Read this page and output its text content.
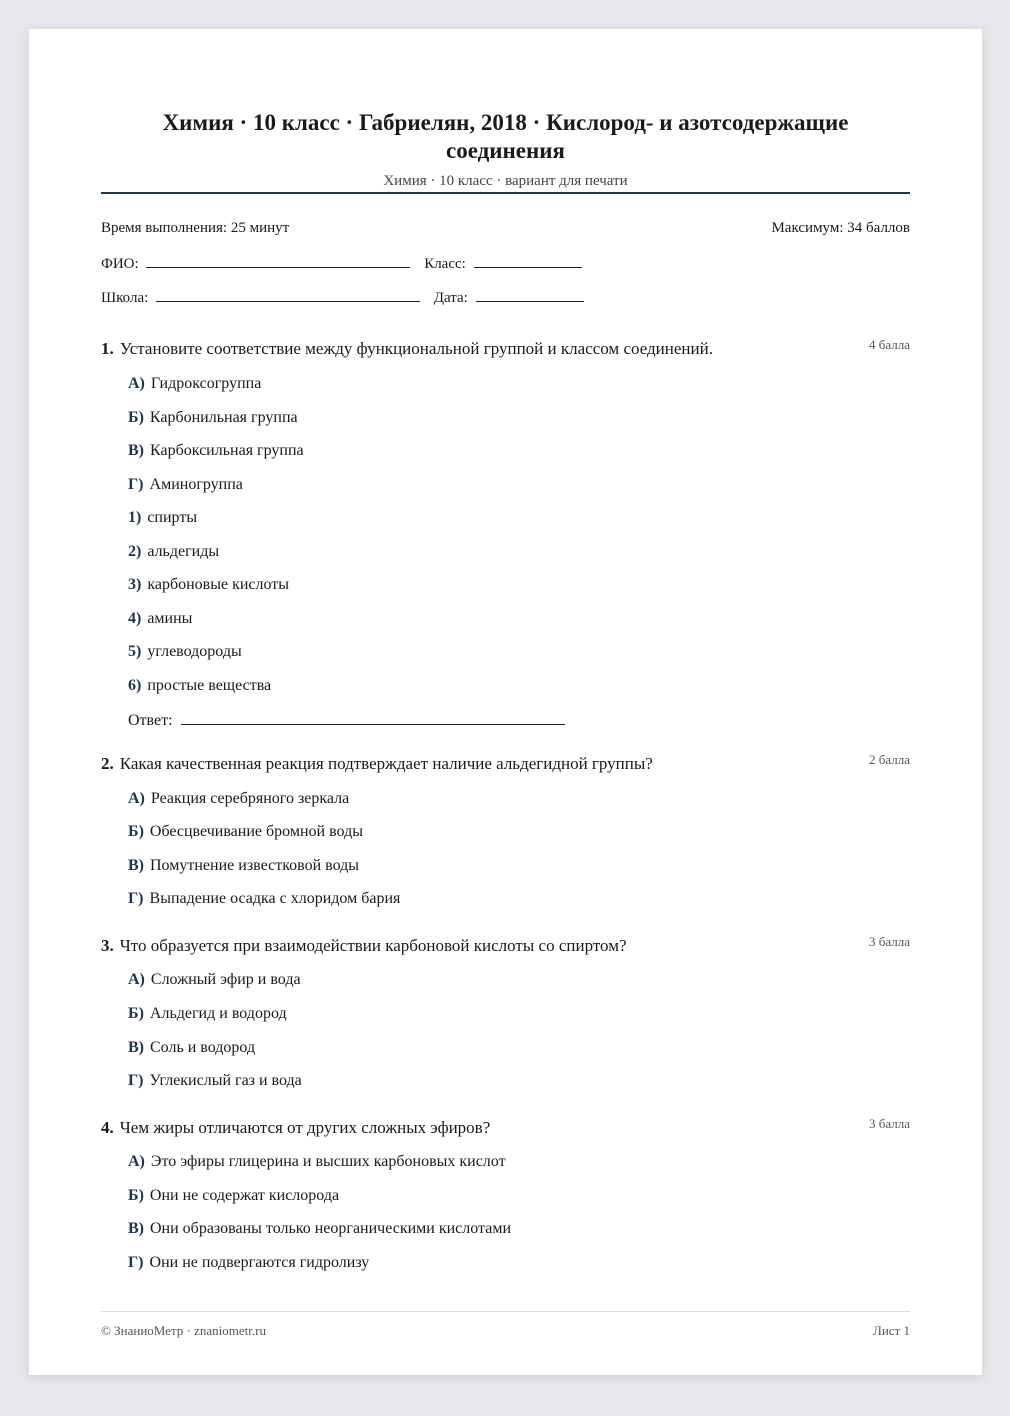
Химия · 10 класс · Габриелян, 2018 · Кислород- и азотсодержащие соединения
Химия · 10 класс · вариант для печати
Время выполнения: 25 минут	Максимум: 34 баллов
ФИО:	Класс:
Школа:	Дата:
1. Установите соответствие между функциональной группой и классом соединений.	4 балла
А) Гидроксогруппа
Б) Карбонильная группа
В) Карбоксильная группа
Г) Аминогруппа
1) спирты
2) альдегиды
3) карбоновые кислоты
4) амины
5) углеводороды
6) простые вещества
Ответ:
2. Какая качественная реакция подтверждает наличие альдегидной группы?	2 балла
А) Реакция серебряного зеркала
Б) Обесцвечивание бромной воды
В) Помутнение известковой воды
Г) Выпадение осадка с хлоридом бария
3. Что образуется при взаимодействии карбоновой кислоты со спиртом?	3 балла
А) Сложный эфир и вода
Б) Альдегид и водород
В) Соль и водород
Г) Углекислый газ и вода
4. Чем жиры отличаются от других сложных эфиров?	3 балла
А) Это эфиры глицерина и высших карбоновых кислот
Б) Они не содержат кислорода
В) Они образованы только неорганическими кислотами
Г) Они не подвергаются гидролизу
© ЗнаниоМетр · znaniometr.ru	Лист 1
